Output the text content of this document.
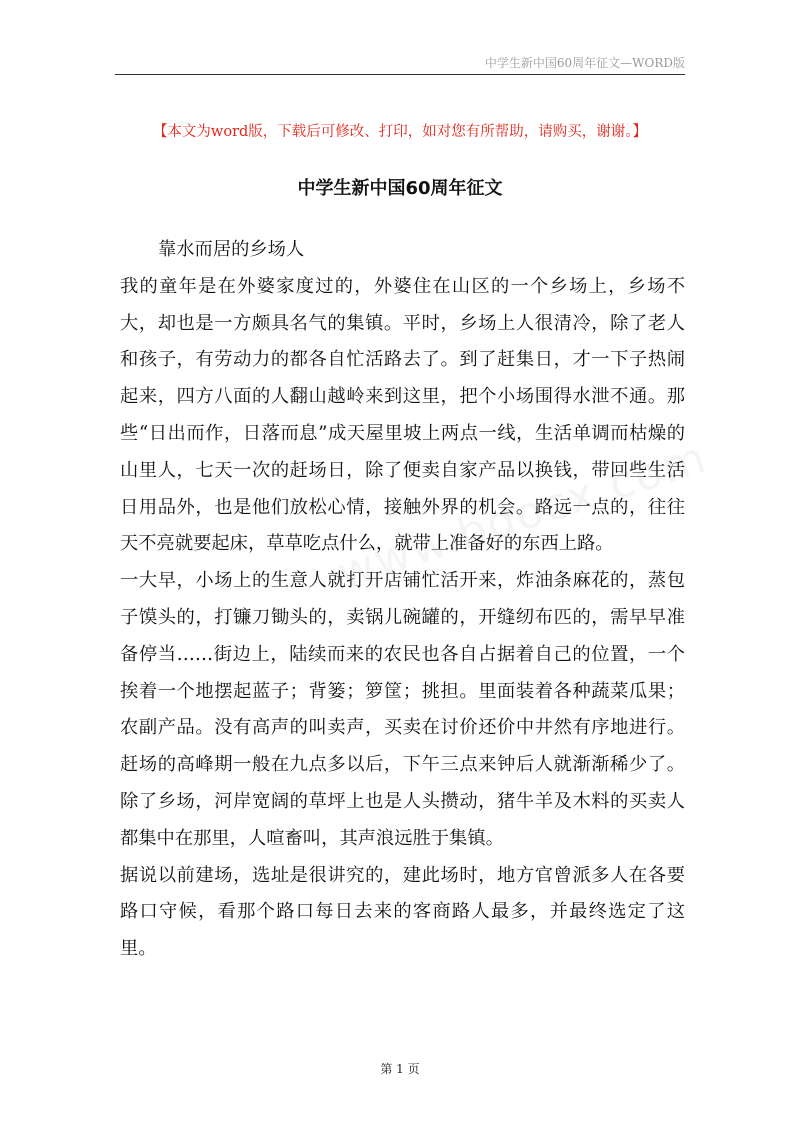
中学生新中国60周年征文—WORD版
【本文为word版，下载后可修改、打印，如对您有所帮助，请购买，谢谢。】
中学生新中国60周年征文

靠水而居的乡场人

我的童年是在外婆家度过的，外婆住在山区的一个乡场上，乡场不大，却也是一方颇具名气的集镇。平时，乡场上人很清冷，除了老人和孩子，有劳动力的都各自忙活路去了。到了赶集日，才一下子热闹起来，四方八面的人翻山越岭来到这里，把个小场围得水泄不通。那些“日出而作，日落而息”成天屋里坡上两点一线，生活单调而枯燥的山里人，七天一次的赶场日，除了便卖自家产品以换钱，带回些生活日用品外，也是他们放松心情，接触外界的机会。路远一点的，往往天不亮就要起床，草草吃点什么，就带上准备好的东西上路。

一大早，小场上的生意人就打开店铺忙活开来，炸油条麻花的，蒸包子馍头的，打镰刀锄头的，卖锅儿碗罐的，开缝纫布匹的，需早早准备停当……街边上，陆续而来的农民也各自占据着自己的位置，一个挨着一个地摆起蓝子；背篓；箩筐；挑担。里面装着各种蔬菜瓜果；农副产品。没有高声的叫卖声，买卖在讨价还价中井然有序地进行。赶场的高峰期一般在九点多以后，下午三点来钟后人就渐渐稀少了。除了乡场，河岸宽阔的草坪上也是人头攒动，猪牛羊及木料的买卖人都集中在那里，人喧畜叫，其声浪远胜于集镇。

据说以前建场，选址是很讲究的，建此场时，地方官曾派多人在各要路口守候，看那个路口每日去来的客商路人最多，并最终选定了这里。

第 1 页
